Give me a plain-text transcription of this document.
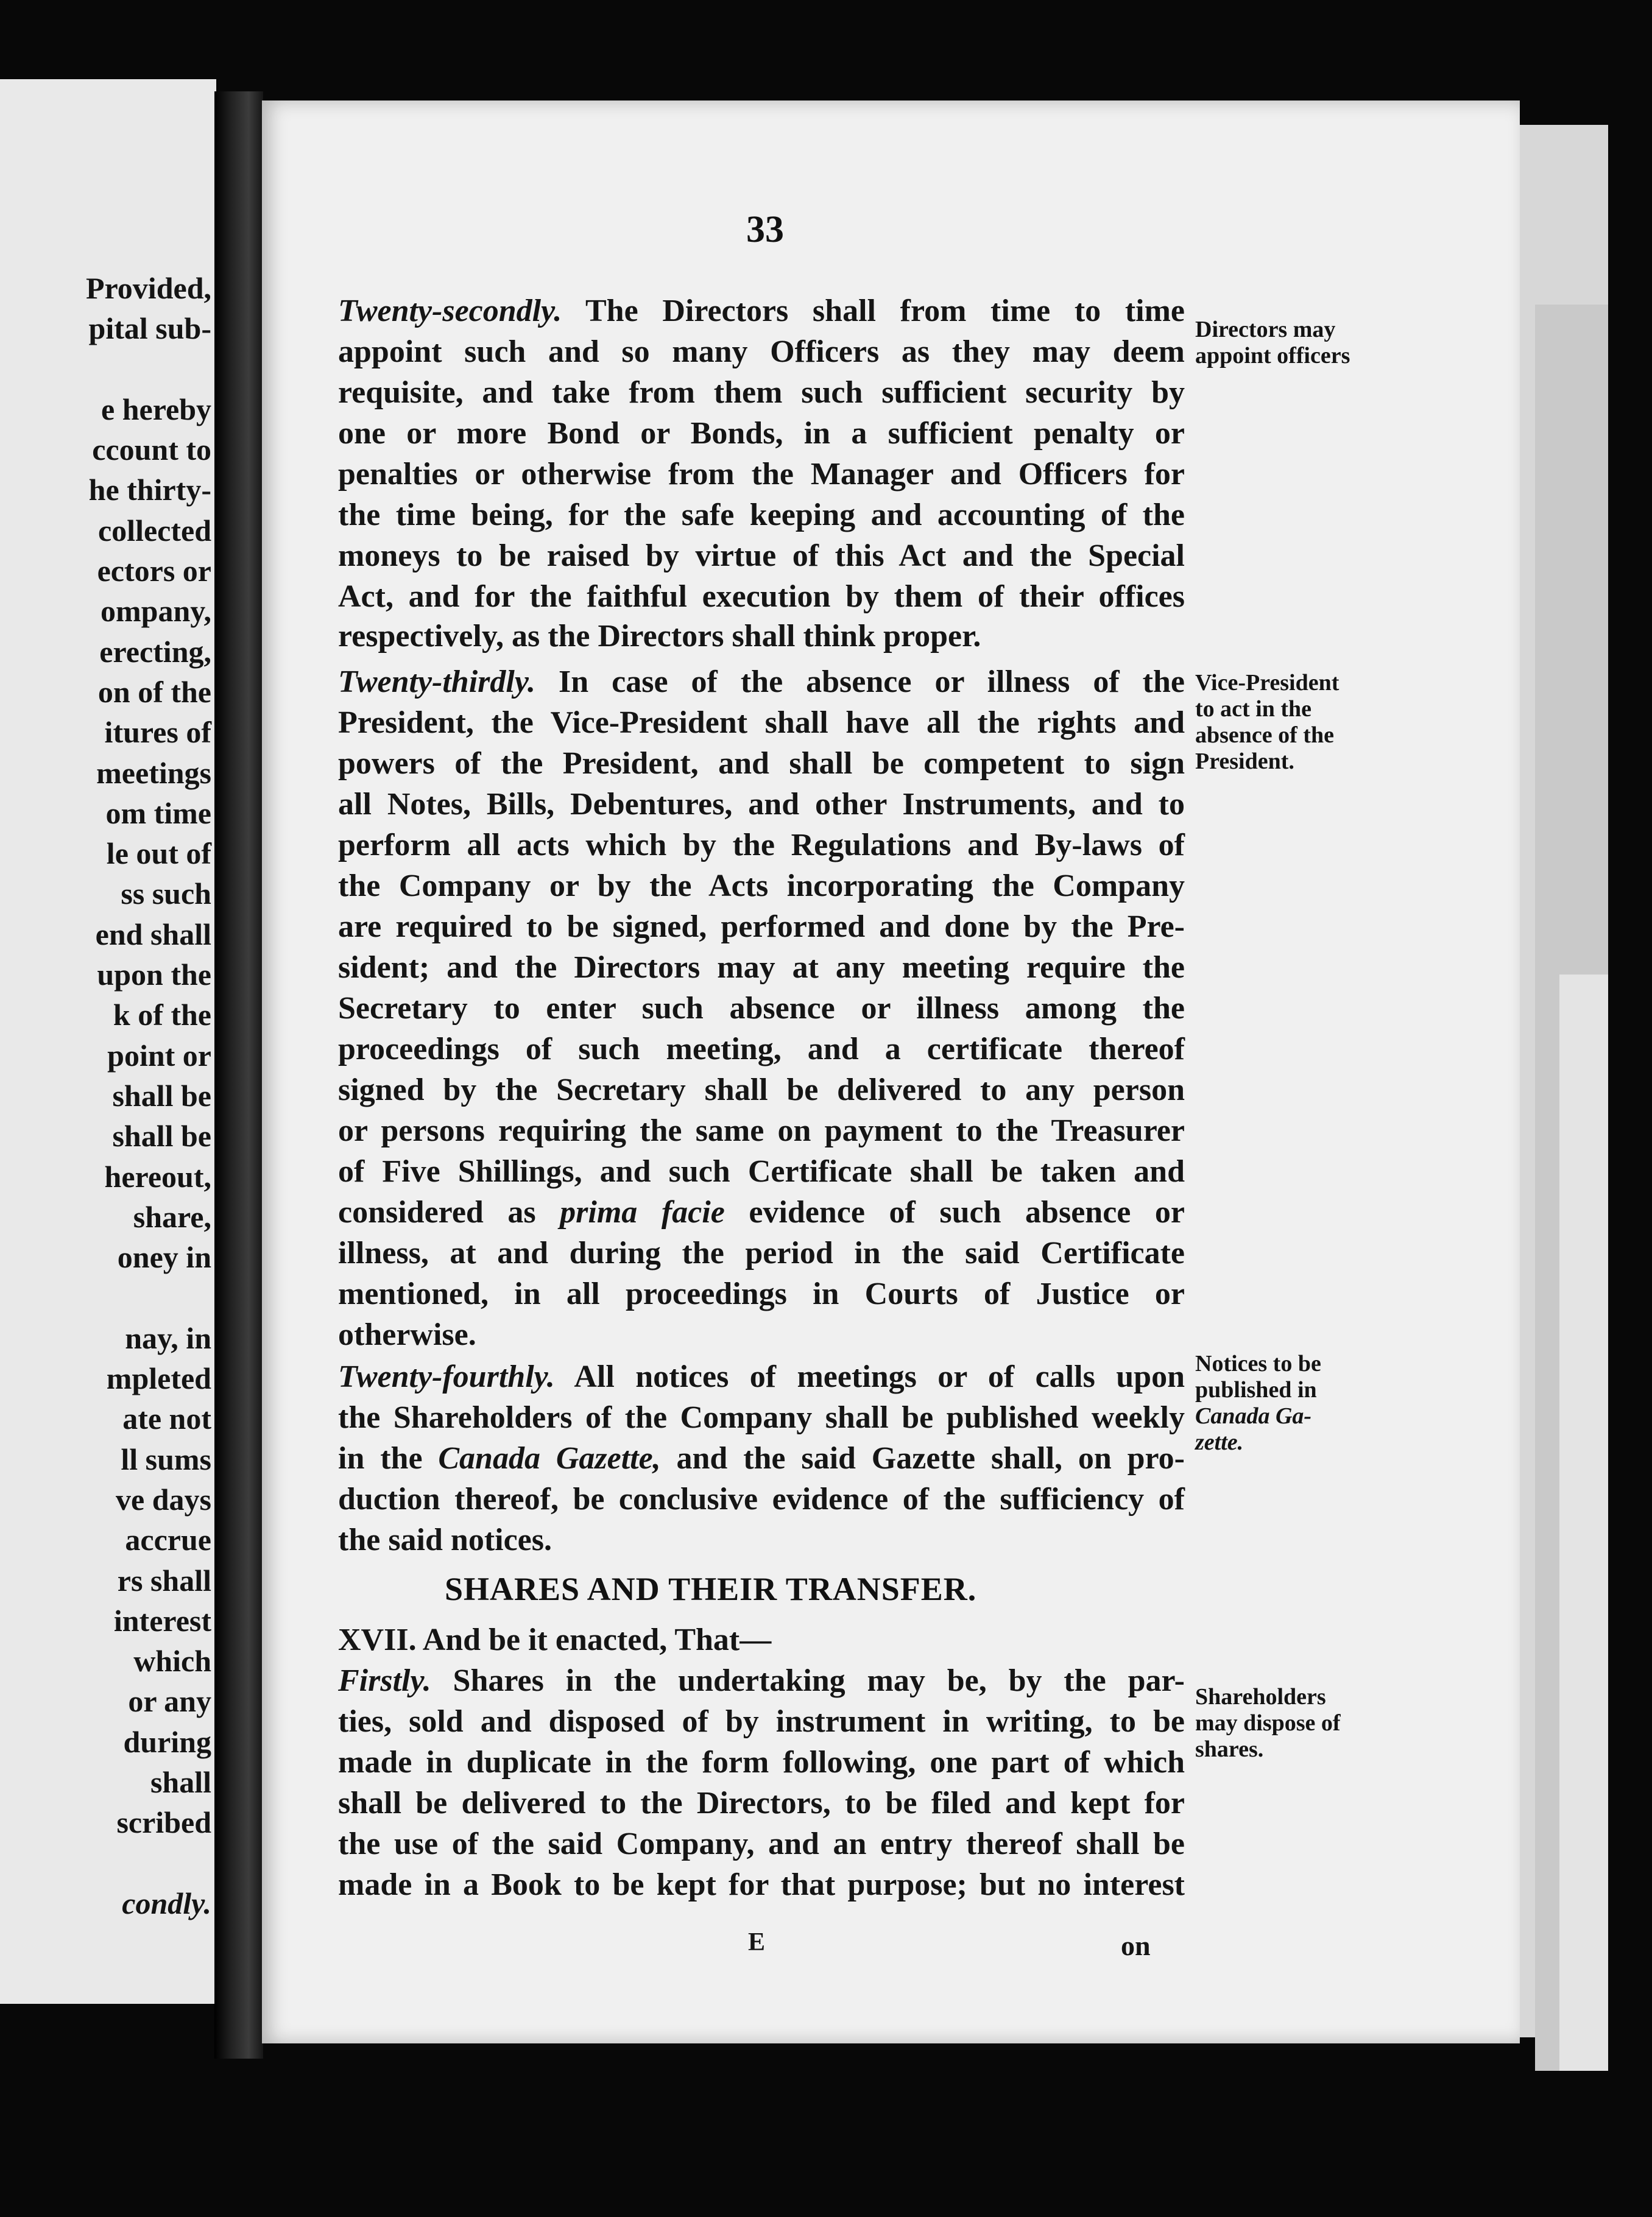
Provided,
pital sub-

e hereby
ccount to
he thirty-
collected
ectors or
ompany,
erecting,
on of the
itures of
meetings
om time
le out of
ss such
end shall
upon the
k of the
point or
shall be
shall be
hereout,
share,
oney in

nay, in
mpleted
ate not
ll sums
ve days
accrue
rs shall
interest
which
or any
during
shall
scribed

condly.
33
Twenty-secondly. The Directors shall from time to time
appoint such and so many Officers as they may deem
requisite, and take from them such sufficient security by
one or more Bond or Bonds, in a sufficient penalty or
penalties or otherwise from the Manager and Officers for
the time being, for the safe keeping and accounting of the
moneys to be raised by virtue of this Act and the Special
Act, and for the faithful execution by them of their offices
respectively, as the Directors shall think proper.
Twenty-thirdly. In case of the absence or illness of the
President, the Vice-President shall have all the rights and
powers of the President, and shall be competent to sign
all Notes, Bills, Debentures, and other Instruments, and to
perform all acts which by the Regulations and By-laws of
the Company or by the Acts incorporating the Company
are required to be signed, performed and done by the Pre-
sident; and the Directors may at any meeting require the
Secretary to enter such absence or illness among the
proceedings of such meeting, and a certificate thereof
signed by the Secretary shall be delivered to any person
or persons requiring the same on payment to the Treasurer
of Five Shillings, and such Certificate shall be taken and
considered as prima facie evidence of such absence or
illness, at and during the period in the said Certificate
mentioned, in all proceedings in Courts of Justice or
otherwise.
Twenty-fourthly. All notices of meetings or of calls upon
the Shareholders of the Company shall be published weekly
in the Canada Gazette, and the said Gazette shall, on pro-
duction thereof, be conclusive evidence of the sufficiency of
the said notices.
XVII. And be it enacted, That—
Firstly. Shares in the undertaking may be, by the par-
ties, sold and disposed of by instrument in writing, to be
made in duplicate in the form following, one part of which
shall be delivered to the Directors, to be filed and kept for
the use of the said Company, and an entry thereof shall be
made in a Book to be kept for that purpose; but no interest
SHARES AND THEIR TRANSFER.
Directors may
appoint officers
Vice-President
to act in the
absence of the
President.
Notices to be
published in
Canada Ga-
zette.
Shareholders
may dispose of
shares.
E	on
